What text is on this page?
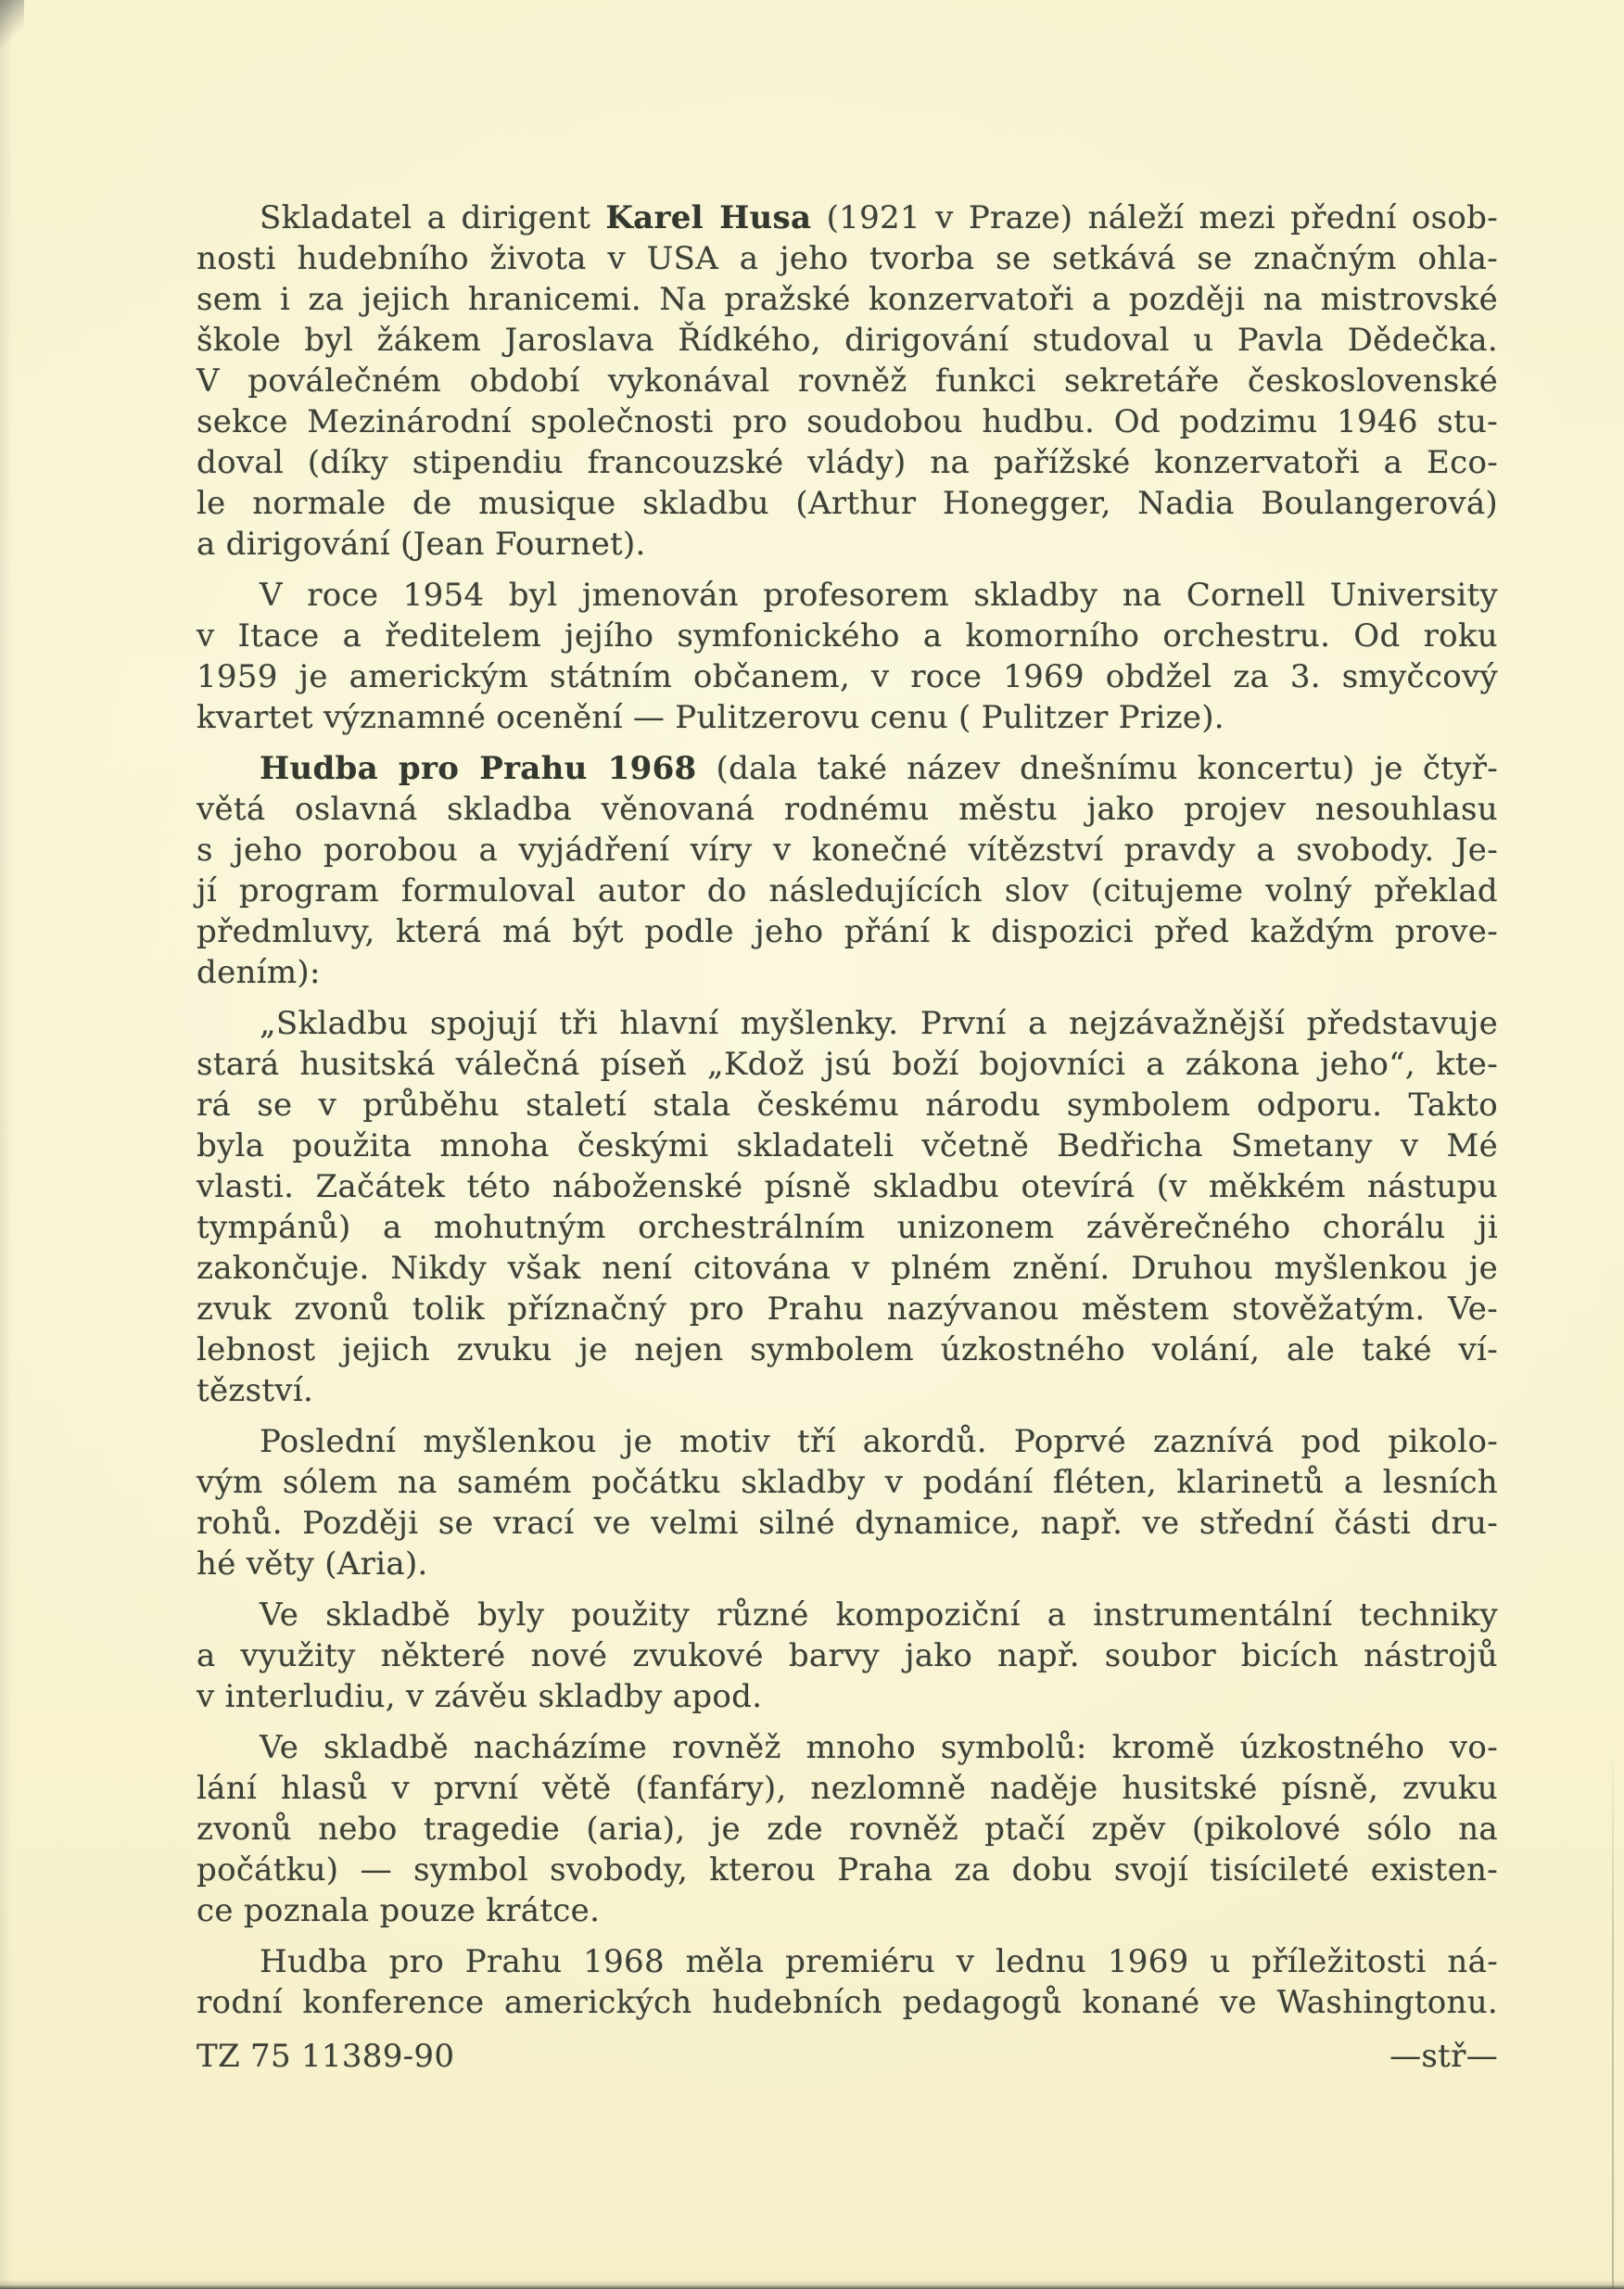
Skladatel a dirigent Karel Husa (1921 v Praze) náleží mezi přední osob-
nosti hudebního života v USA a jeho tvorba se setkává se značným ohla-
sem i za jejich hranicemi. Na pražské konzervatoři a později na mistrovské
škole byl žákem Jaroslava Řídkého, dirigování studoval u Pavla Dědečka.
V poválečném období vykonával rovněž funkci sekretáře československé
sekce Mezinárodní společnosti pro soudobou hudbu. Od podzimu 1946 stu-
doval (díky stipendiu francouzské vlády) na pařížské konzervatoři a Eco-
le normale de musique skladbu (Arthur Honegger, Nadia Boulangerová)
a dirigování (Jean Fournet).
V roce 1954 byl jmenován profesorem skladby na Cornell University
v Itace a ředitelem jejího symfonického a komorního orchestru. Od roku
1959 je americkým státním občanem, v roce 1969 obdžel za 3. smyčcový
kvartet významné ocenění — Pulitzerovu cenu ( Pulitzer Prize).
Hudba pro Prahu 1968 (dala také název dnešnímu koncertu) je čtyř-
větá oslavná skladba věnovaná rodnému městu jako projev nesouhlasu
s jeho porobou a vyjádření víry v konečné vítězství pravdy a svobody. Je-
jí program formuloval autor do následujících slov (citujeme volný překlad
předmluvy, která má být podle jeho přání k dispozici před každým prove-
dením):
„Skladbu spojují tři hlavní myšlenky. První a nejzávažnější představuje
stará husitská válečná píseň „Kdož jsú boží bojovníci a zákona jeho“, kte-
rá se v průběhu staletí stala českému národu symbolem odporu. Takto
byla použita mnoha českými skladateli včetně Bedřicha Smetany v Mé
vlasti. Začátek této náboženské písně skladbu otevírá (v měkkém nástupu
tympánů) a mohutným orchestrálním unizonem závěrečného chorálu ji
zakončuje. Nikdy však není citována v plném znění. Druhou myšlenkou je
zvuk zvonů tolik příznačný pro Prahu nazývanou městem stověžatým. Ve-
lebnost jejich zvuku je nejen symbolem úzkostného volání, ale také ví-
tězství.
Poslední myšlenkou je motiv tří akordů. Poprvé zaznívá pod pikolo-
vým sólem na samém počátku skladby v podání fléten, klarinetů a lesních
rohů. Později se vrací ve velmi silné dynamice, např. ve střední části dru-
hé věty (Aria).
Ve skladbě byly použity různé kompoziční a instrumentální techniky
a využity některé nové zvukové barvy jako např. soubor bicích nástrojů
v interludiu, v závěu skladby apod.
Ve skladbě nacházíme rovněž mnoho symbolů: kromě úzkostného vo-
lání hlasů v první větě (fanfáry), nezlomně naděje husitské písně, zvuku
zvonů nebo tragedie (aria), je zde rovněž ptačí zpěv (pikolové sólo na
počátku) — symbol svobody, kterou Praha za dobu svojí tisícileté existen-
ce poznala pouze krátce.
Hudba pro Prahu 1968 měla premiéru v lednu 1969 u příležitosti ná-
rodní konference amerických hudebních pedagogů konané ve Washingtonu.
TZ 75 11389-90	—stř—
